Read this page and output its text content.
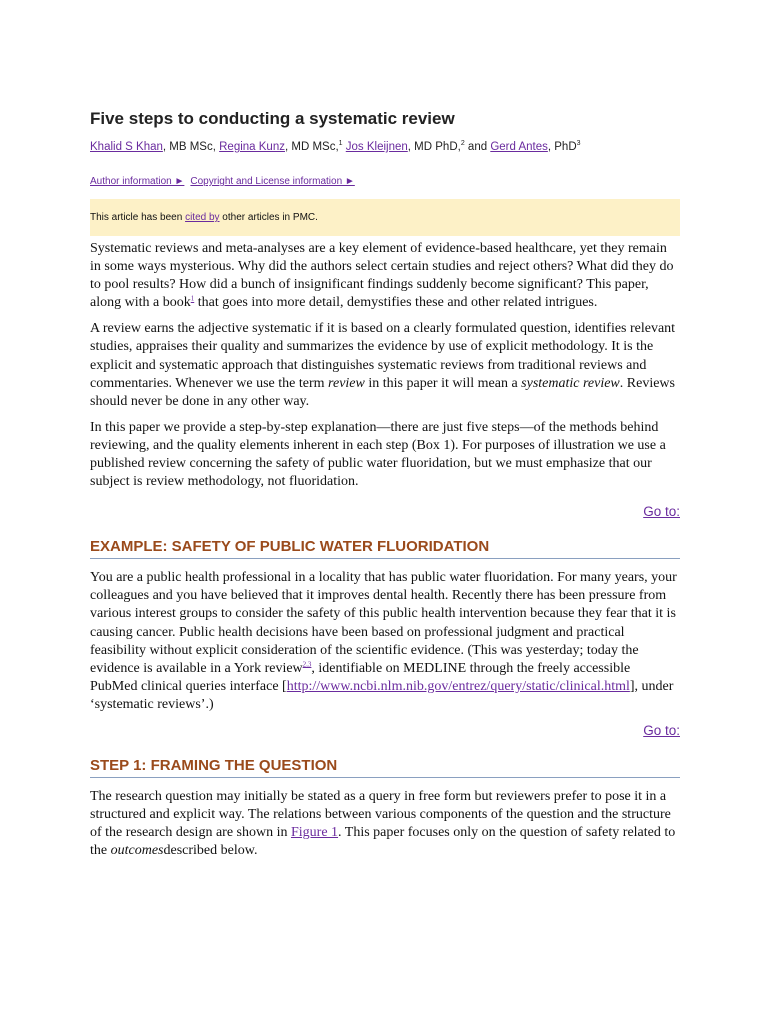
Five steps to conducting a systematic review
Khalid S Khan, MB MSc, Regina Kunz, MD MSc,$^1$ Jos Kleijnen, MD PhD,$^2$ and Gerd Antes, PhD$^3$
Author information ► Copyright and License information ►
This article has been cited by other articles in PMC.

Systematic reviews and meta-analyses are a key element of evidence-based healthcare, yet they remain in some ways mysterious. Why did the authors select certain studies and reject others? What did they do to pool results? How did a bunch of insignificant findings suddenly become significant? This paper, along with a book$^1$ that goes into more detail, demystifies these and other related intrigues.

A review earns the adjective systematic if it is based on a clearly formulated question, identifies relevant studies, appraises their quality and summarizes the evidence by use of explicit methodology. It is the explicit and systematic approach that distinguishes systematic reviews from traditional reviews and commentaries. Whenever we use the term review in this paper it will mean a systematic review. Reviews should never be done in any other way.

In this paper we provide a step-by-step explanation—there are just five steps—of the methods behind reviewing, and the quality elements inherent in each step (Box 1). For purposes of illustration we use a published review concerning the safety of public water fluoridation, but we must emphasize that our subject is review methodology, not fluoridation.

Go to:
EXAMPLE: SAFETY OF PUBLIC WATER FLUORIDATION

You are a public health professional in a locality that has public water fluoridation. For many years, your colleagues and you have believed that it improves dental health. Recently there has been pressure from various interest groups to consider the safety of this public health intervention because they fear that it is causing cancer. Public health decisions have been based on professional judgment and practical feasibility without explicit consideration of the scientific evidence. (This was yesterday; today the evidence is available in a York review$^{2,3}$, identifiable on MEDLINE through the freely accessible PubMed clinical queries interface [http://www.ncbi.nlm.nib.gov/entrez/query/static/clinical.html], under ‘systematic reviews’.)

Go to:
STEP 1: FRAMING THE QUESTION

The research question may initially be stated as a query in free form but reviewers prefer to pose it in a structured and explicit way. The relations between various components of the question and the structure of the research design are shown in Figure 1. This paper focuses only on the question of safety related to the outcomesdescribed below.
